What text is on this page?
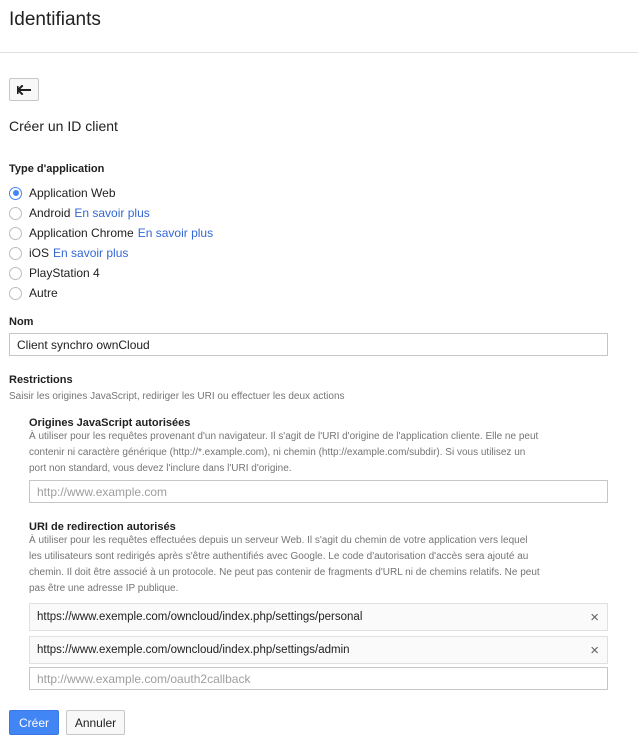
Identifiants
Créer un ID client
Type d'application
Application Web
Android En savoir plus
Application Chrome En savoir plus
iOS En savoir plus
PlayStation 4
Autre
Nom
Client synchro ownCloud
Restrictions
Saisir les origines JavaScript, rediriger les URI ou effectuer les deux actions
Origines JavaScript autorisées
À utiliser pour les requêtes provenant d'un navigateur. Il s'agit de l'URI d'origine de l'application cliente. Elle ne peut
contenir ni caractère générique (http://*.example.com), ni chemin (http://example.com/subdir). Si vous utilisez un
port non standard, vous devez l'inclure dans l'URI d'origine.
http://www.example.com
URI de redirection autorisés
À utiliser pour les requêtes effectuées depuis un serveur Web. Il s'agit du chemin de votre application vers lequel
les utilisateurs sont redirigés après s'être authentifiés avec Google. Le code d'autorisation d'accès sera ajouté au
chemin. Il doit être associé à un protocole. Ne peut pas contenir de fragments d'URL ni de chemins relatifs. Ne peut
pas être une adresse IP publique.
https://www.exemple.com/owncloud/index.php/settings/personal	×
https://www.exemple.com/owncloud/index.php/settings/admin	×
http://www.example.com/oauth2callback
Créer	Annuler
